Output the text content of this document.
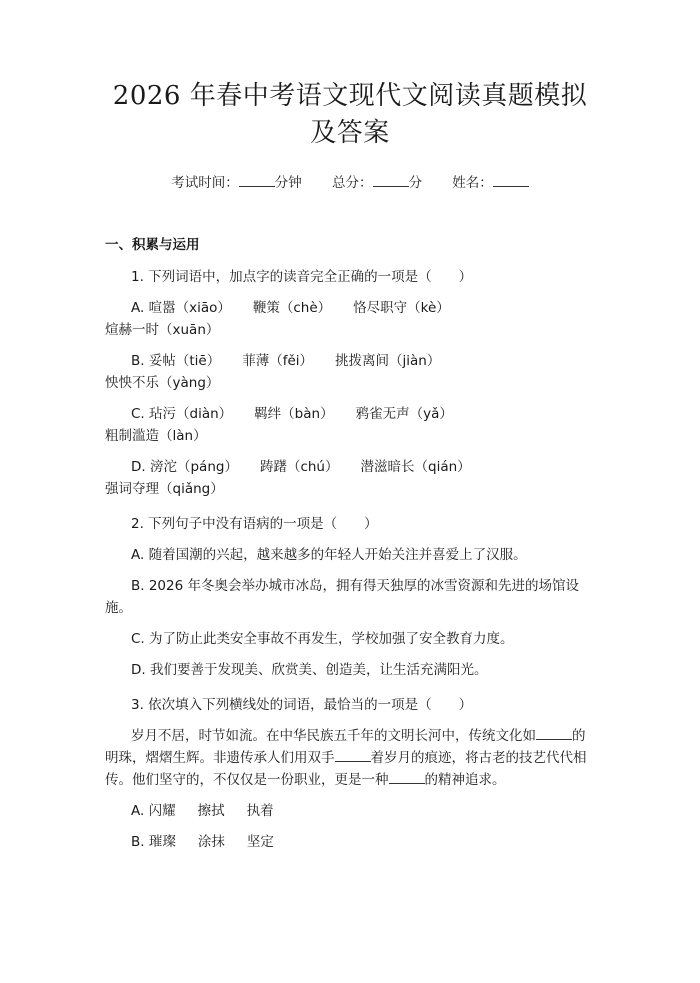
2026 年春中考语文现代文阅读真题模拟及答案
考试时间：	分钟 总分：	分 姓名：
一、积累与运用
1. 下列词语中，加点字的读音完全正确的一项是（　　）
A. 喧嚣（xiāo） 鞭策（chè） 恪尽职守（kè）煊赫一时（xuān）
B. 妥帖（tiē） 菲薄（fěi） 挑拨离间（jiàn）怏怏不乐（yàng）
C. 玷污（diàn） 羁绊（bàn） 鸦雀无声（yǎ）粗制滥造（làn）
D. 滂沱（páng） 踌躇（chú） 潜滋暗长（qián）强词夺理（qiǎng）
2. 下列句子中没有语病的一项是（　　）
A. 随着国潮的兴起，越来越多的年轻人开始关注并喜爱上了汉服。
B. 2026 年冬奥会举办城市冰岛，拥有得天独厚的冰雪资源和先进的场馆设施。
C. 为了防止此类安全事故不再发生，学校加强了安全教育力度。
D. 我们要善于发现美、欣赏美、创造美，让生活充满阳光。
3. 依次填入下列横线处的词语，最恰当的一项是（　　）
岁月不居，时节如流。在中华民族五千年的文明长河中，传统文化如	的明珠，熠熠生辉。非遗传承人们用双手	着岁月的痕迹，将古老的技艺代代相传。他们坚守的，不仅仅是一份职业，更是一种	的精神追求。
A. 闪耀 擦拭 执着
B. 璀璨 涂抹 坚定
